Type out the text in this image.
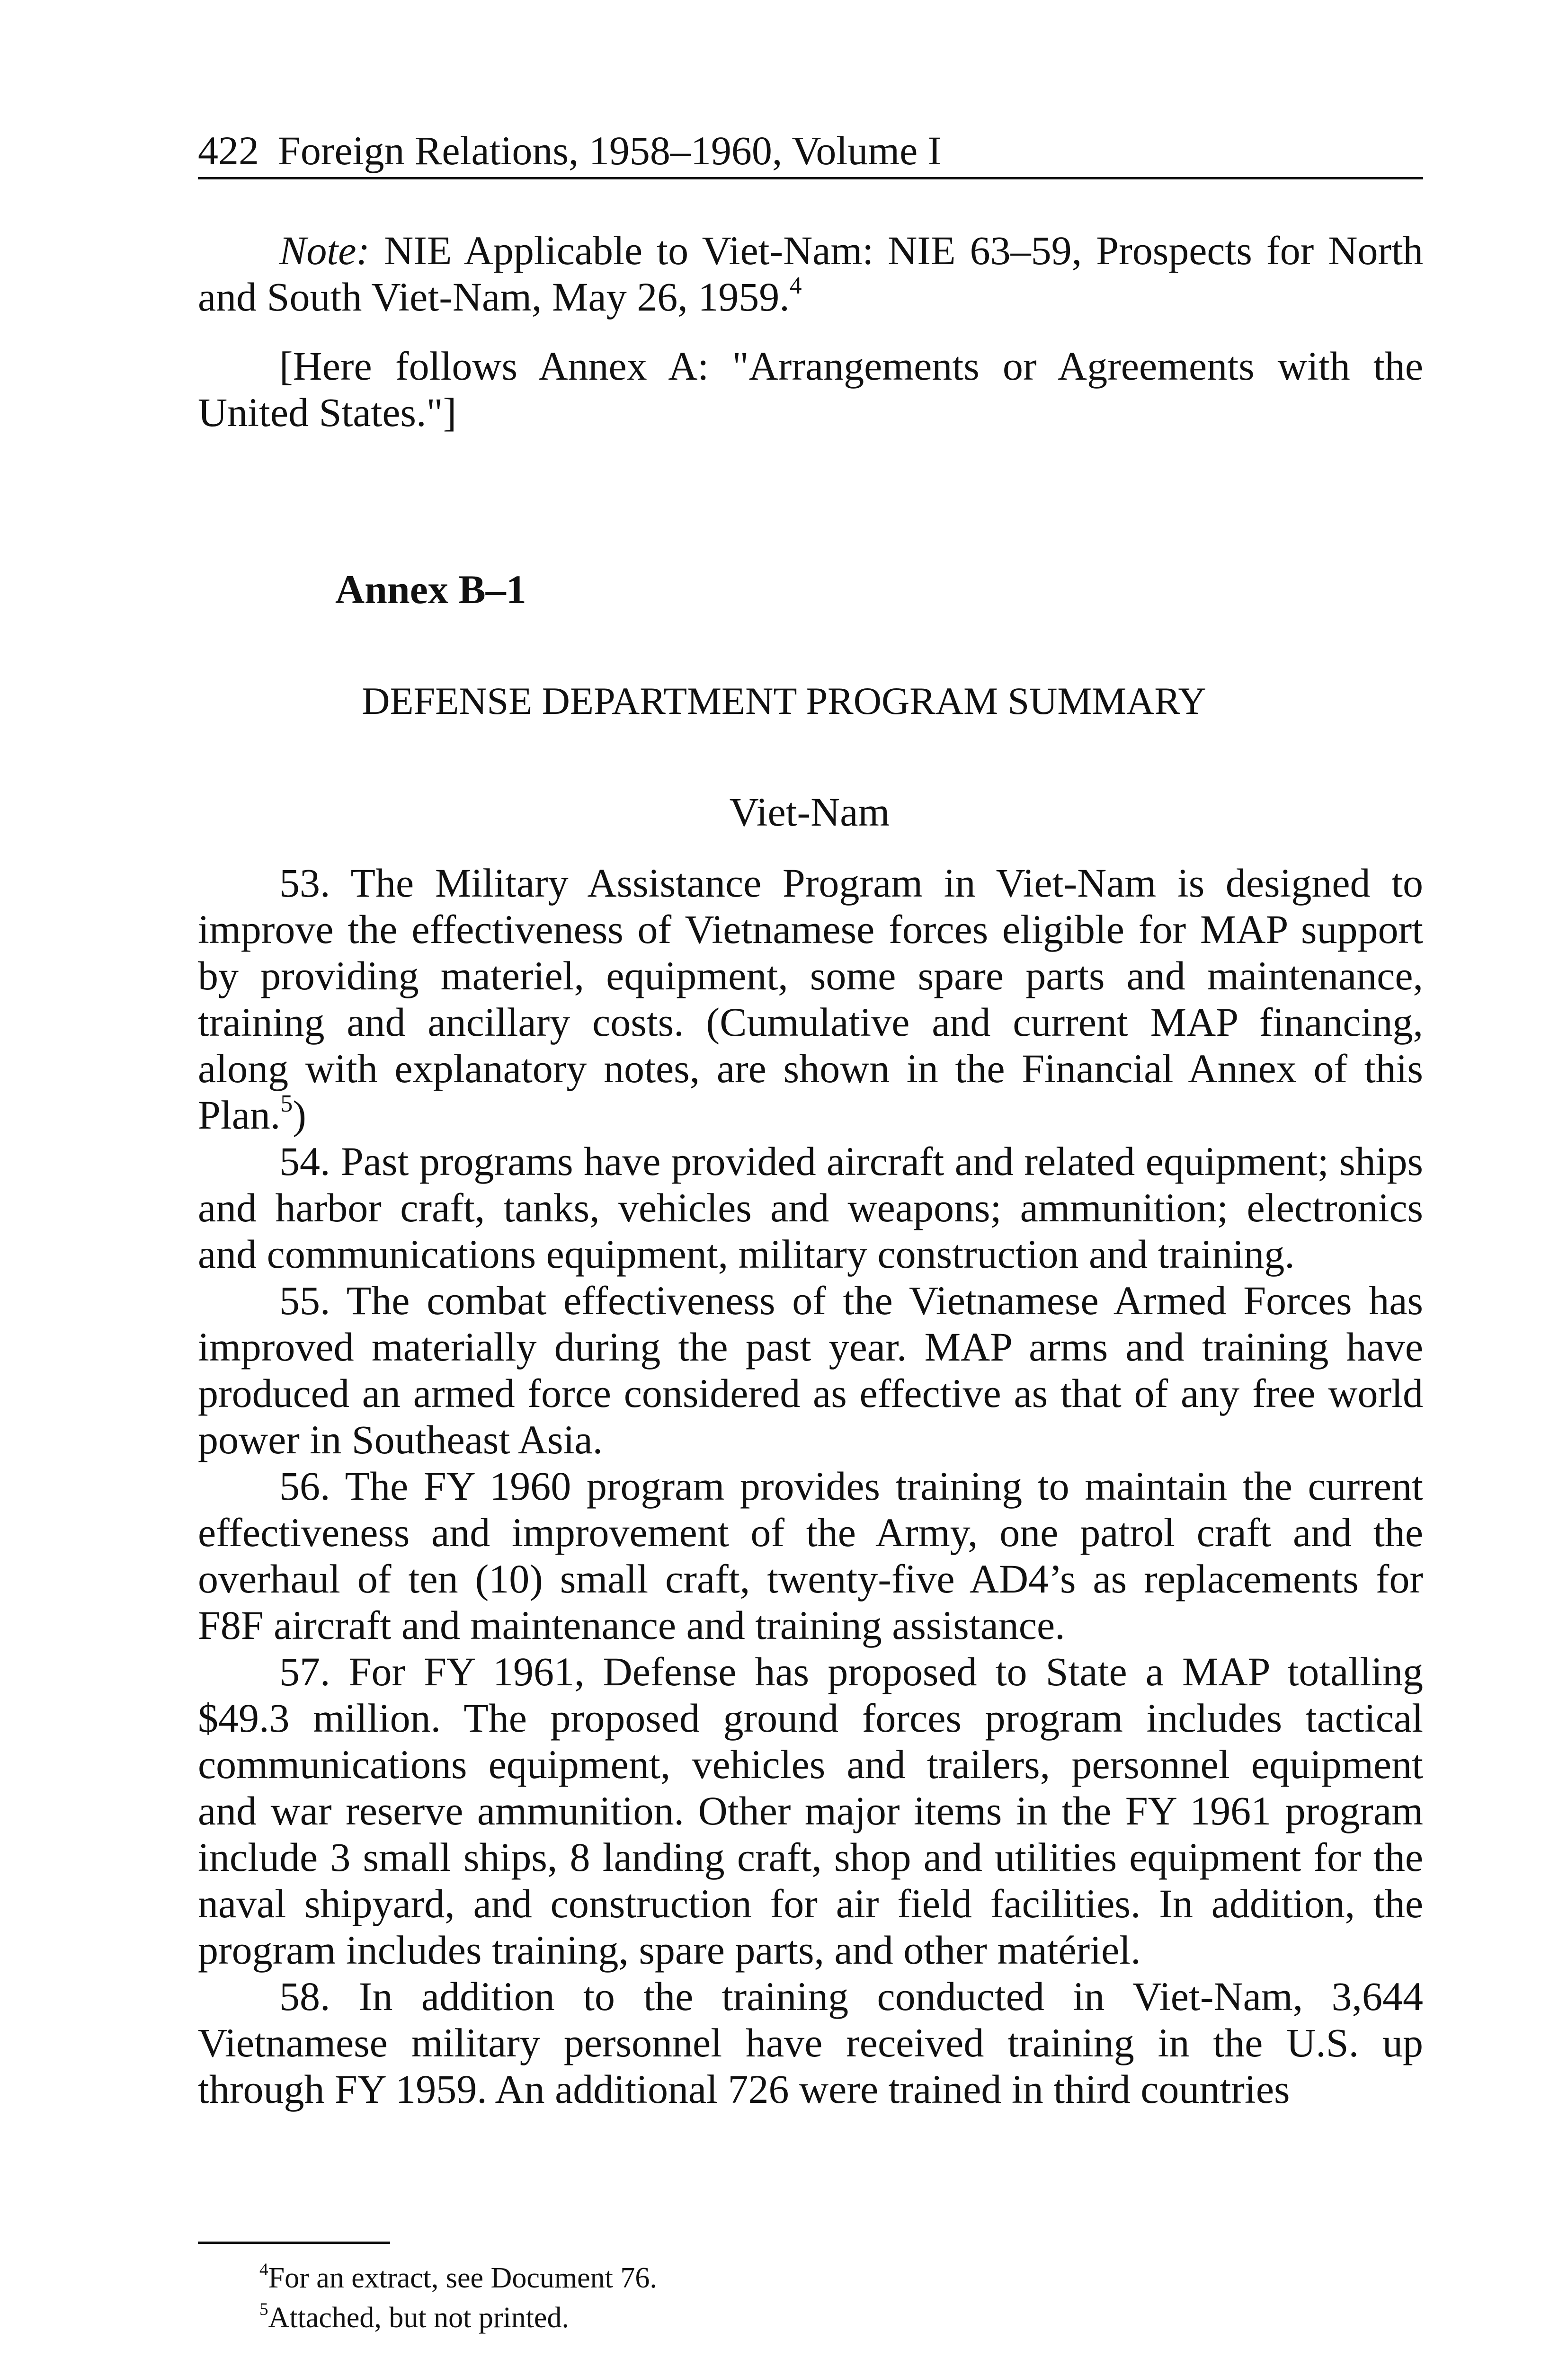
422 Foreign Relations, 1958–1960, Volume I

Note: NIE Applicable to Viet-Nam: NIE 63–59, Prospects for North and South Viet-Nam, May 26, 1959.$^4$

[Here follows Annex A: "Arrangements or Agreements with the United States."]

Annex B–1
DEFENSE DEPARTMENT PROGRAM SUMMARY
Viet-Nam

53. The Military Assistance Program in Viet-Nam is designed to improve the effectiveness of Vietnamese forces eligible for MAP support by providing materiel, equipment, some spare parts and maintenance, training and ancillary costs. (Cumulative and current MAP financing, along with explanatory notes, are shown in the Financial Annex of this Plan.$^5$)

54. Past programs have provided aircraft and related equipment; ships and harbor craft, tanks, vehicles and weapons; ammunition; electronics and communications equipment, military construction and training.

55. The combat effectiveness of the Vietnamese Armed Forces has improved materially during the past year. MAP arms and training have produced an armed force considered as effective as that of any free world power in Southeast Asia.

56. The FY 1960 program provides training to maintain the current effectiveness and improvement of the Army, one patrol craft and the overhaul of ten (10) small craft, twenty-five AD4’s as replacements for F8F aircraft and maintenance and training assistance.

57. For FY 1961, Defense has proposed to State a MAP totalling $49.3 million. The proposed ground forces program includes tactical communications equipment, vehicles and trailers, personnel equipment and war reserve ammunition. Other major items in the FY 1961 program include 3 small ships, 8 landing craft, shop and utilities equipment for the naval shipyard, and construction for air field facilities. In addition, the program includes training, spare parts, and other matériel.

58. In addition to the training conducted in Viet-Nam, 3,644 Vietnamese military personnel have received training in the U.S. up through FY 1959. An additional 726 were trained in third countries

$^4$For an extract, see Document 76.
$^5$Attached, but not printed.
